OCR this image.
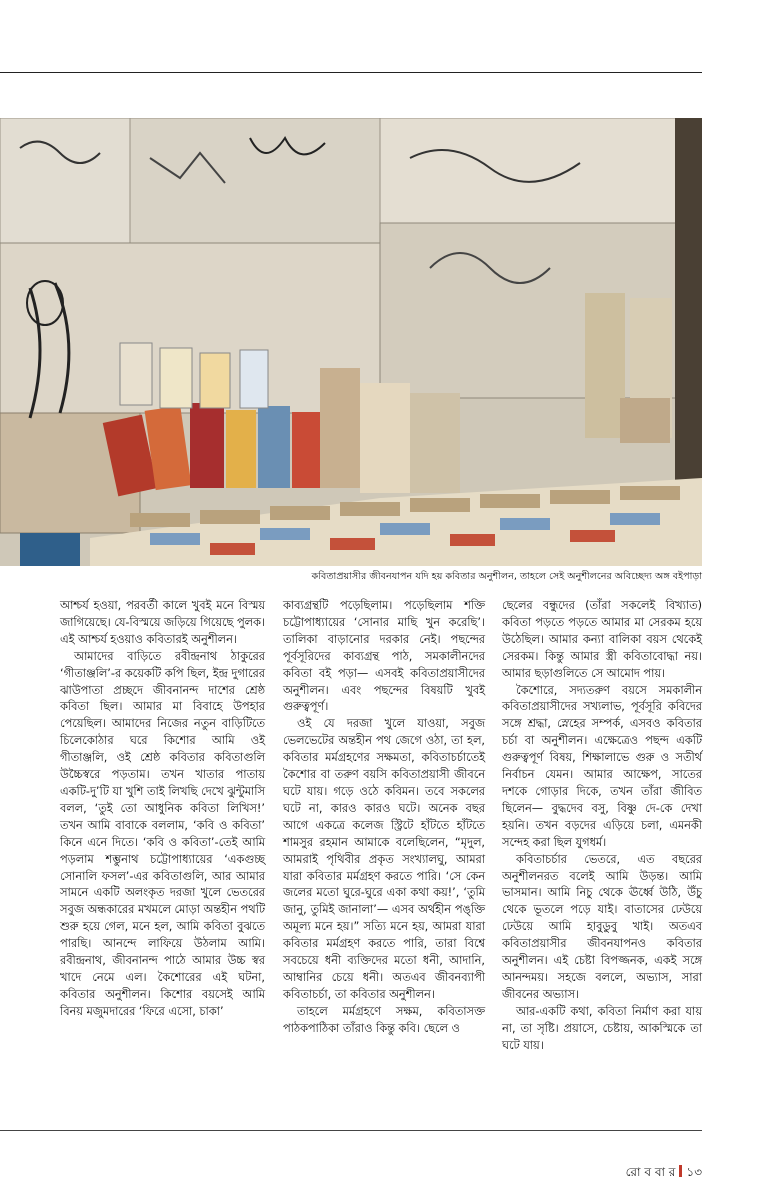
কবিতাপ্রয়াসীর জীবনযাপন যদি হয় কবিতার অনুশীলন, তাহলে সেই অনুশীলনের অবিচ্ছেদ্য অঙ্গ বইপাড়া

আশ্চর্য হওয়া, পরবর্তী কালে খুবই মনে বিস্ময় জাগিয়েছে। যে-বিস্ময়ে জড়িয়ে গিয়েছে পুলক। এই আশ্চর্য হওয়াও কবিতারই অনুশীলন।

আমাদের বাড়িতে রবীন্দ্রনাথ ঠাকুরের ‘গীতাঞ্জলি’-র কয়েকটি কপি ছিল, ইন্দ্র দুগারের ঝাউপাতা প্রচ্ছদে জীবনানন্দ দাশের শ্রেষ্ঠ কবিতা ছিল। আমার মা বিবাহে উপহার পেয়েছিল। আমাদের নিজের নতুন বাড়িটিতে চিলেকোঠার ঘরে কিশোর আমি ওই গীতাঞ্জলি, ওই শ্রেষ্ঠ কবিতার কবিতাগুলি উচ্চৈস্বরে পড়তাম। তখন খাতার পাতায় একটি-দু’টি যা খুশি তাই লিখছি দেখে ঝুন্টুমাসি বলল, ‘তুই তো আধুনিক কবিতা লিখিস!’ তখন আমি বাবাকে বললাম, ‘কবি ও কবিতা’ কিনে এনে দিতে। ‘কবি ও কবিতা’-তেই আমি পড়লাম শম্ভুনাথ চট্টোপাধ্যায়ের ‘একগুচ্ছ সোনালি ফসল’-এর কবিতাগুলি, আর আমার সামনে একটি অলংকৃত দরজা খুলে ভেতরের সবুজ অন্ধকারের মখমলে মোড়া অন্তহীন পথটি শুরু হয়ে গেল, মনে হল, আমি কবিতা বুঝতে পারছি। আনন্দে লাফিয়ে উঠলাম আমি। রবীন্দ্রনাথ, জীবনানন্দ পাঠে আমার উচ্চ স্বর খাদে নেমে এল। কৈশোরের এই ঘটনা, কবিতার অনুশীলন। কিশোর বয়সেই আমি বিনয় মজুমদারের ‘ফিরে এসো, চাকা’

কাব্যগ্রন্থটি পড়েছিলাম। পড়েছিলাম শক্তি চট্টোপাধ্যায়ের ‘সোনার মাছি খুন করেছি’। তালিকা বাড়ানোর দরকার নেই। পছন্দের পূর্বসূরিদের কাব্যগ্রন্থ পাঠ, সমকালীনদের কবিতা বই পড়া— এসবই কবিতাপ্রয়াসীদের অনুশীলন। এবং পছন্দের বিষয়টি খুবই গুরুত্বপূর্ণ।

ওই যে দরজা খুলে যাওয়া, সবুজ ভেলভেটের অন্তহীন পথ জেগে ওঠা, তা হল, কবিতার মর্মগ্রহণের সক্ষমতা, কবিতাচর্চাতেই কৈশোর বা তরুণ বয়সি কবিতাপ্রয়াসী জীবনে ঘটে যায়। গড়ে ওঠে কবিমন। তবে সকলের ঘটে না, কারও কারও ঘটে। অনেক বছর আগে একত্রে কলেজ স্ট্রিটে হাঁটতে হাঁটতে শামসুর রহমান আমাকে বলেছিলেন, “মৃদুল, আমরাই পৃথিবীর প্রকৃত সংখ্যালঘু, আমরা যারা কবিতার মর্মগ্রহণ করতে পারি। ‘সে কেন জলের মতো ঘুরে-ঘুরে একা কথা কয়!’, ‘তুমি জানু, তুমিই জানালা’— এসব অর্থহীন পঙ্‌ক্তি অমূল্য মনে হয়।” সত্যি মনে হয়, আমরা যারা কবিতার মর্মগ্রহণ করতে পারি, তারা বিশ্বে সবচেয়ে ধনী ব্যক্তিদের মতো ধনী, আদানি, আম্বানির চেয়ে ধনী। অতএব জীবনব্যাপী কবিতাচর্চা, তা কবিতার অনুশীলন।

তাহলে মর্মগ্রহণে সক্ষম, কবিতাসক্ত পাঠকপাঠিকা তাঁরাও কিন্তু কবি। ছেলে ও

ছেলের বন্ধুদের (তাঁরা সকলেই বিখ্যাত) কবিতা পড়তে পড়তে আমার মা সেরকম হয়ে উঠেছিল। আমার কন্যা বালিকা বয়স থেকেই সেরকম। কিন্তু আমার স্ত্রী কবিতাবোদ্ধা নয়। আমার ছড়াগুলিতে সে আমোদ পায়।

কৈশোরে, সদ্যতরুণ বয়সে সমকালীন কবিতাপ্রয়াসীদের সখ্যলাভ, পূর্বসূরি কবিদের সঙ্গে শ্রদ্ধা, স্নেহের সম্পর্ক, এসবও কবিতার চর্চা বা অনুশীলন। এক্ষেত্রেও পছন্দ একটি গুরুত্বপূর্ণ বিষয়, শিক্ষালাভে গুরু ও সতীর্থ নির্বাচন যেমন। আমার আক্ষেপ, সাতের দশকে গোড়ার দিকে, তখন তাঁরা জীবিত ছিলেন— বুদ্ধদেব বসু, বিষ্ণু দে-কে দেখা হয়নি। তখন বড়দের এড়িয়ে চলা, এমনকী সন্দেহ করা ছিল যুগধর্ম।

কবিতাচর্চার ভেতরে, এত বছরের অনুশীলনরত বলেই আমি উড়ন্ত। আমি ভাসমান। আমি নিচু থেকে ঊর্ধ্বে উঠি, উঁচু থেকে ভূতলে পড়ে যাই। বাতাসের ঢেউয়ে ঢেউয়ে আমি হাবুডুবু খাই। অতএব কবিতাপ্রয়াসীর জীবনযাপনও কবিতার অনুশীলন। এই চেষ্টা বিপজ্জনক, একই সঙ্গে আনন্দময়। সহজে বললে, অভ্যাস, সারা জীবনের অভ্যাস।

আর-একটি কথা, কবিতা নির্মাণ করা যায় না, তা সৃষ্টি। প্রয়াসে, চেষ্টায়, আকস্মিকে তা ঘটে যায়।

রো ব বা র ১৩
